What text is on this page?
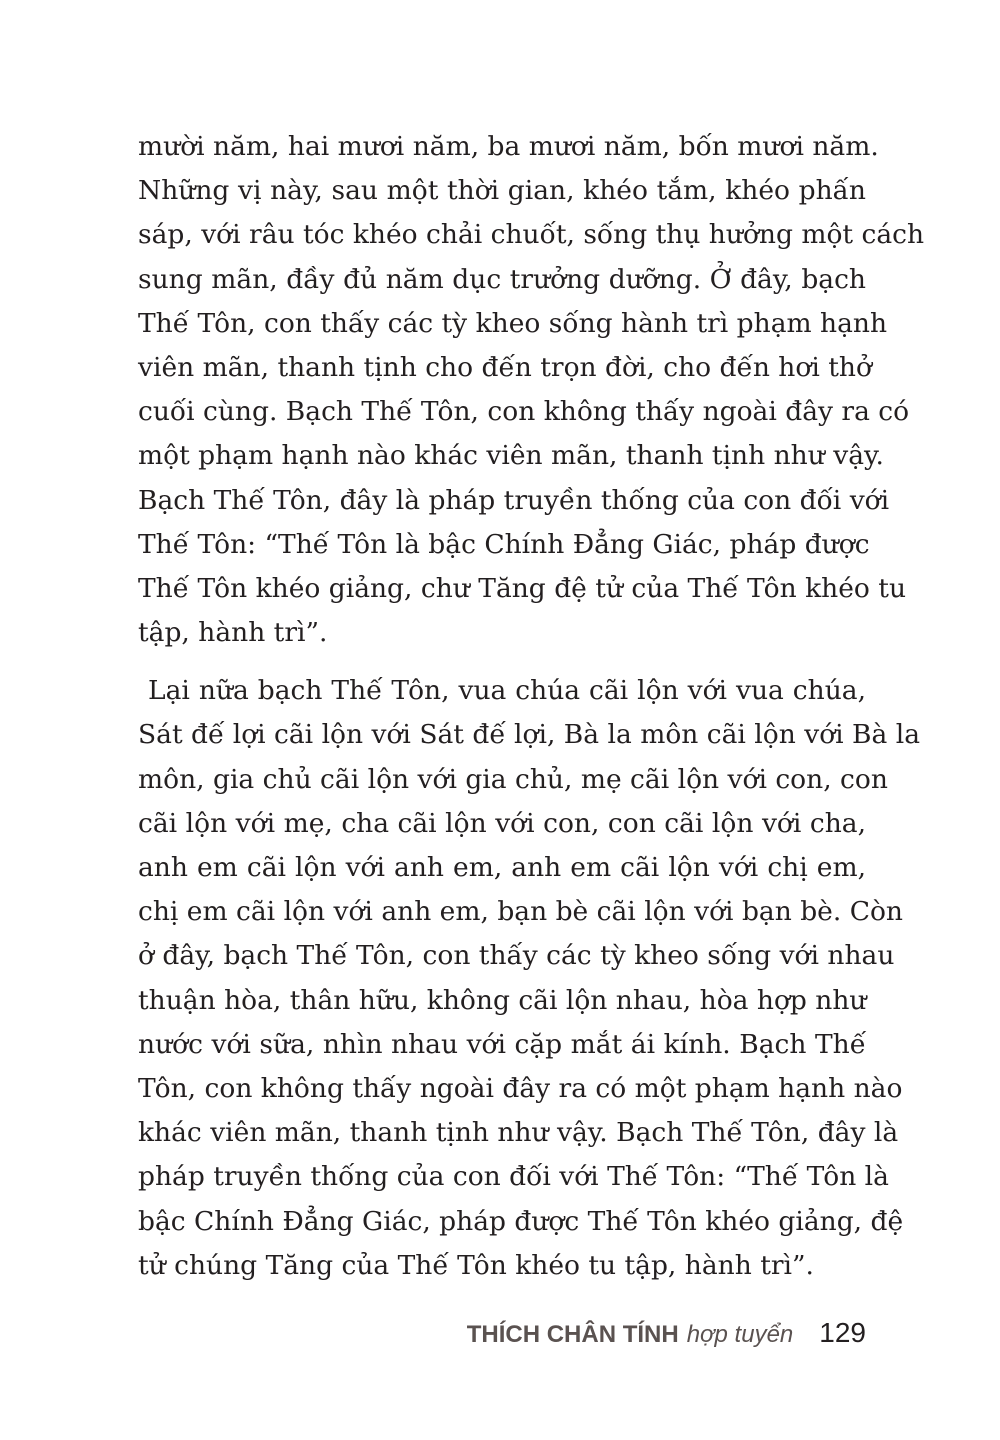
mười năm, hai mươi năm, ba mươi năm, bốn mươi năm.
Những vị này, sau một thời gian, khéo tắm, khéo phấn
sáp, với râu tóc khéo chải chuốt, sống thụ hưởng một cách
sung mãn, đầy đủ năm dục trưởng dưỡng. Ở đây, bạch
Thế Tôn, con thấy các tỳ kheo sống hành trì phạm hạnh
viên mãn, thanh tịnh cho đến trọn đời, cho đến hơi thở
cuối cùng. Bạch Thế Tôn, con không thấy ngoài đây ra có
một phạm hạnh nào khác viên mãn, thanh tịnh như vậy.
Bạch Thế Tôn, đây là pháp truyền thống của con đối với
Thế Tôn: “Thế Tôn là bậc Chính Đẳng Giác, pháp được
Thế Tôn khéo giảng, chư Tăng đệ tử của Thế Tôn khéo tu
tập, hành trì”.
Lại nữa bạch Thế Tôn, vua chúa cãi lộn với vua chúa,
Sát đế lợi cãi lộn với Sát đế lợi, Bà la môn cãi lộn với Bà la
môn, gia chủ cãi lộn với gia chủ, mẹ cãi lộn với con, con
cãi lộn với mẹ, cha cãi lộn với con, con cãi lộn với cha,
anh em cãi lộn với anh em, anh em cãi lộn với chị em,
chị em cãi lộn với anh em, bạn bè cãi lộn với bạn bè. Còn
ở đây, bạch Thế Tôn, con thấy các tỳ kheo sống với nhau
thuận hòa, thân hữu, không cãi lộn nhau, hòa hợp như
nước với sữa, nhìn nhau với cặp mắt ái kính. Bạch Thế
Tôn, con không thấy ngoài đây ra có một phạm hạnh nào
khác viên mãn, thanh tịnh như vậy. Bạch Thế Tôn, đây là
pháp truyền thống của con đối với Thế Tôn: “Thế Tôn là
bậc Chính Đẳng Giác, pháp được Thế Tôn khéo giảng, đệ
tử chúng Tăng của Thế Tôn khéo tu tập, hành trì”.
THÍCH CHÂN TÍNH hợp tuyển 129
